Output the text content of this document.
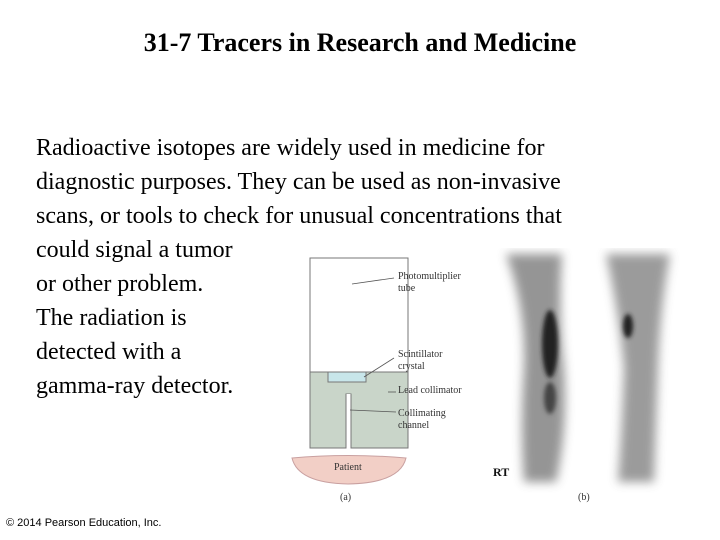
31-7 Tracers in Research and Medicine
Radioactive isotopes are widely used in medicine for
diagnostic purposes. They can be used as non-invasive
scans, or tools to check for unusual concentrations that
could signal a tumor
or other problem.
The radiation is
detected with a
gamma-ray detector.
Photomultiplier
tube
Scintillator
crystal
Lead collimator
Collimating
channel
Patient
(a)
RT
(b)
© 2014 Pearson Education, Inc.
